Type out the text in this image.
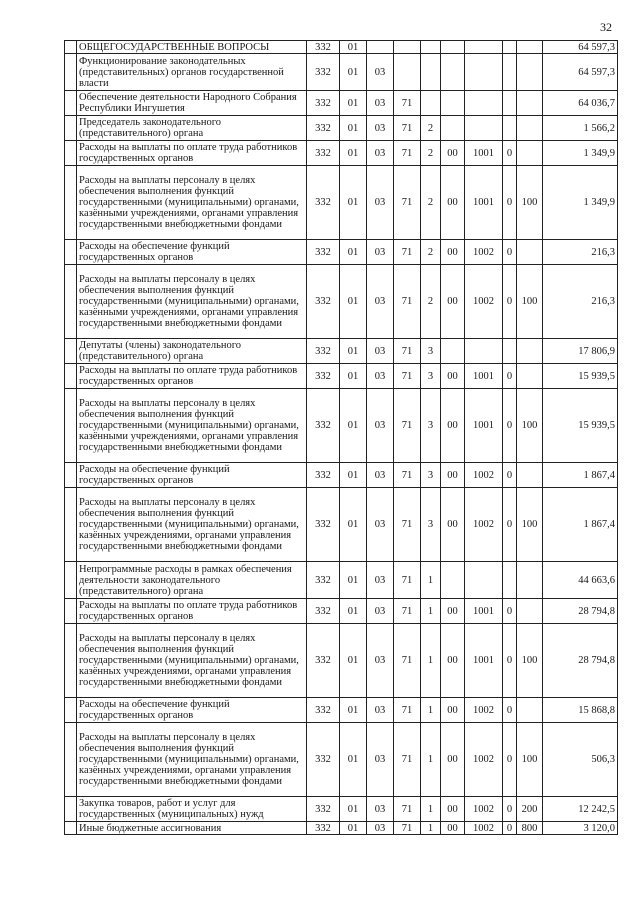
32
	ОБЩЕГОСУДАРСТВЕННЫЕ ВОПРОСЫ	332	01								64 597,3
	Функционирование законодательных (представительных) органов государственной власти	332	01	03							64 597,3
	Обеспечение деятельности Народного Собрания Республики Ингушетия	332	01	03	71						64 036,7
	Председатель законодательного (представительного) органа	332	01	03	71	2					1 566,2
	Расходы на выплаты по оплате труда работников государственных органов	332	01	03	71	2	00	1001	0		1 349,9
	Расходы на выплаты персоналу в целях обеспечения выполнения функций государственными (муниципальными) органами, казёнными учреждениями, органами управления государственными внебюджетными фондами	332	01	03	71	2	00	1001	0	100	1 349,9
	Расходы на обеспечение функций государственных органов	332	01	03	71	2	00	1002	0		216,3
	Расходы на выплаты персоналу в целях обеспечения выполнения функций государственными (муниципальными) органами, казёнными учреждениями, органами управления государственными внебюджетными фондами	332	01	03	71	2	00	1002	0	100	216,3
	Депутаты (члены) законодательного (представительного) органа	332	01	03	71	3					17 806,9
	Расходы на выплаты по оплате труда работников государственных органов	332	01	03	71	3	00	1001	0		15 939,5
	Расходы на выплаты персоналу в целях обеспечения выполнения функций государственными (муниципальными) органами, казёнными учреждениями, органами управления государственными внебюджетными фондами	332	01	03	71	3	00	1001	0	100	15 939,5
	Расходы на обеспечение функций государственных органов	332	01	03	71	3	00	1002	0		1 867,4
	Расходы на выплаты персоналу в целях обеспечения выполнения функций государственными (муниципальными) органами, казённых учреждениями, органами управления государственными внебюджетными фондами	332	01	03	71	3	00	1002	0	100	1 867,4
	Непрограммные расходы в рамках обеспечения деятельности законодательного (представительного) органа	332	01	03	71	1					44 663,6
	Расходы на выплаты по оплате труда работников государственных органов	332	01	03	71	1	00	1001	0		28 794,8
	Расходы на выплаты персоналу в целях обеспечения выполнения функций государственными (муниципальными) органами, казённых учреждениями, органами управления государственными внебюджетными фондами	332	01	03	71	1	00	1001	0	100	28 794,8
	Расходы на обеспечение функций государственных органов	332	01	03	71	1	00	1002	0		15 868,8
	Расходы на выплаты персоналу в целях обеспечения выполнения функций государственными (муниципальными) органами, казённых учреждениями, органами управления государственными внебюджетными фондами	332	01	03	71	1	00	1002	0	100	506,3
	Закупка товаров, работ и услуг для государственных (муниципальных) нужд	332	01	03	71	1	00	1002	0	200	12 242,5
	Иные бюджетные ассигнования	332	01	03	71	1	00	1002	0	800	3 120,0
